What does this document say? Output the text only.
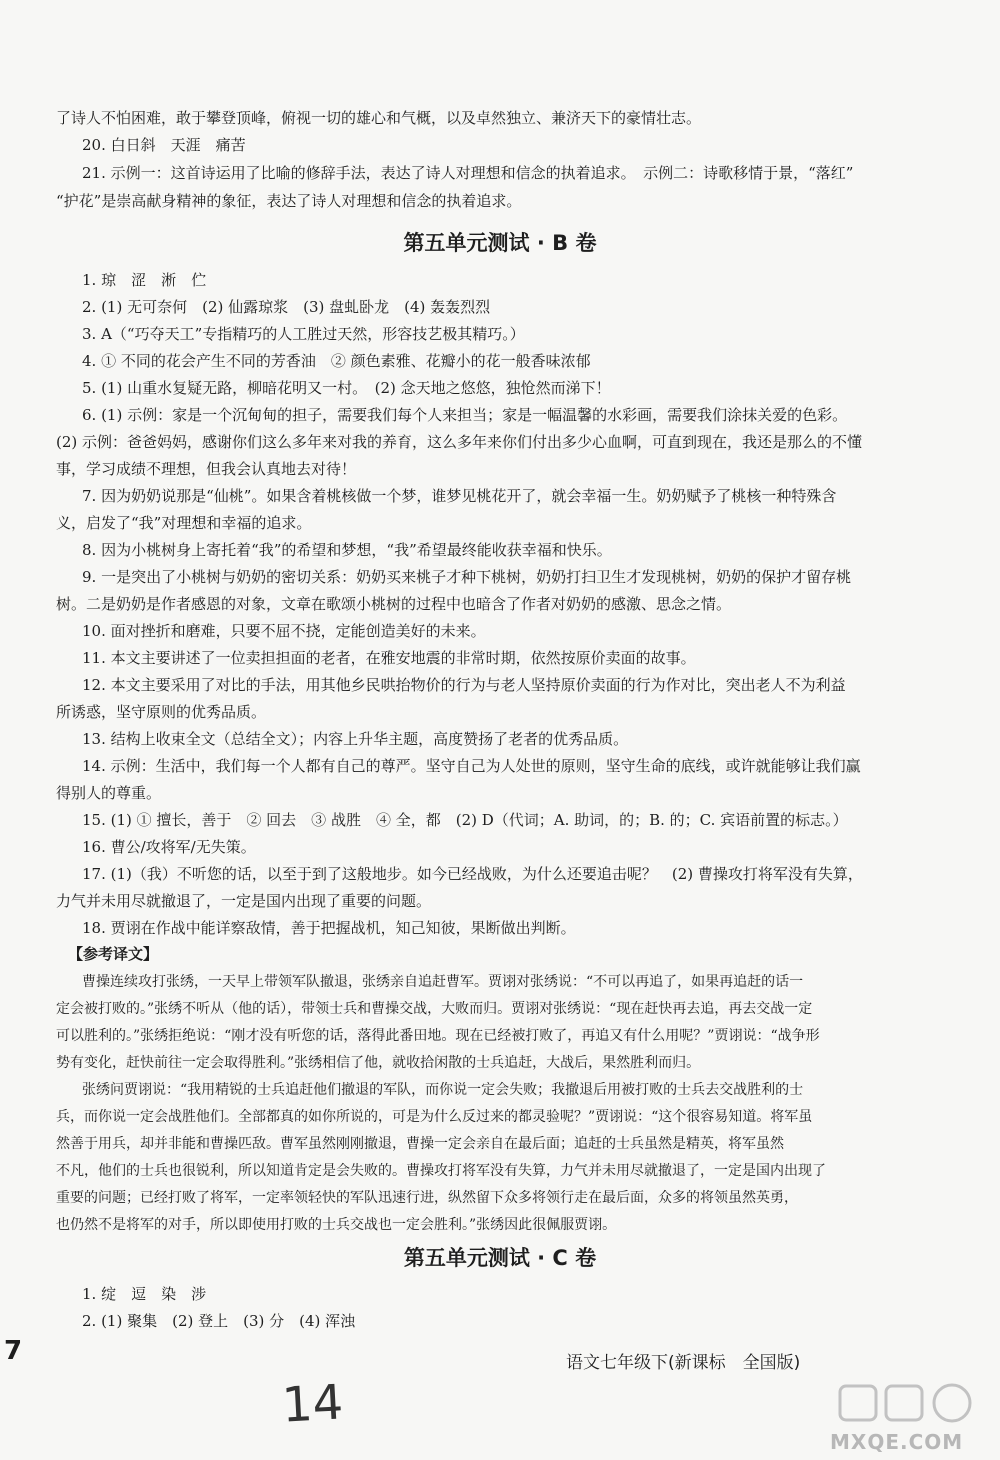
了诗人不怕困难，敢于攀登顶峰，俯视一切的雄心和气概，以及卓然独立、兼济天下的豪情壮志。
20. 白日斜　天涯　痛苦
21. 示例一：这首诗运用了比喻的修辞手法，表达了诗人对理想和信念的执着追求。　示例二：诗歌移情于景，“落红”
“护花”是崇高献身精神的象征，表达了诗人对理想和信念的执着追求。
第五单元测试 · B 卷
1. 琼　涩　淅　伫
2. (1) 无可奈何　(2) 仙露琼浆　(3) 盘虬卧龙　(4) 轰轰烈烈
3. A（“巧夺天工”专指精巧的人工胜过天然，形容技艺极其精巧。）
4. ① 不同的花会产生不同的芳香油　② 颜色素雅、花瓣小的花一般香味浓郁
5. (1) 山重水复疑无路，柳暗花明又一村。　(2) 念天地之悠悠，独怆然而涕下！
6. (1) 示例：家是一个沉甸甸的担子，需要我们每个人来担当；家是一幅温馨的水彩画，需要我们涂抹关爱的色彩。
(2) 示例：爸爸妈妈，感谢你们这么多年来对我的养育，这么多年来你们付出多少心血啊，可直到现在，我还是那么的不懂
事，学习成绩不理想，但我会认真地去对待！
7. 因为奶奶说那是“仙桃”。如果含着桃核做一个梦，谁梦见桃花开了，就会幸福一生。奶奶赋予了桃核一种特殊含
义，启发了“我”对理想和幸福的追求。
8. 因为小桃树身上寄托着“我”的希望和梦想，“我”希望最终能收获幸福和快乐。
9. 一是突出了小桃树与奶奶的密切关系：奶奶买来桃子才种下桃树，奶奶打扫卫生才发现桃树，奶奶的保护才留存桃
树。二是奶奶是作者感恩的对象，文章在歌颂小桃树的过程中也暗含了作者对奶奶的感激、思念之情。
10. 面对挫折和磨难，只要不屈不挠，定能创造美好的未来。
11. 本文主要讲述了一位卖担担面的老者，在雅安地震的非常时期，依然按原价卖面的故事。
12. 本文主要采用了对比的手法，用其他乡民哄抬物价的行为与老人坚持原价卖面的行为作对比，突出老人不为利益
所诱惑，坚守原则的优秀品质。
13. 结构上收束全文（总结全文）；内容上升华主题，高度赞扬了老者的优秀品质。
14. 示例：生活中，我们每一个人都有自己的尊严。坚守自己为人处世的原则，坚守生命的底线，或许就能够让我们赢
得别人的尊重。
15. (1) ① 擅长，善于　② 回去　③ 战胜　④ 全，都　(2) D（代词；A. 助词，的；B. 的；C. 宾语前置的标志。）
16. 曹公/攻将军/无失策。
17. (1)（我）不听您的话，以至于到了这般地步。如今已经战败，为什么还要追击呢？　(2) 曹操攻打将军没有失算，
力气并未用尽就撤退了，一定是国内出现了重要的问题。
18. 贾诩在作战中能详察敌情，善于把握战机，知己知彼，果断做出判断。
【参考译文】
曹操连续攻打张绣，一天早上带领军队撤退，张绣亲自追赶曹军。贾诩对张绣说：“不可以再追了，如果再追赶的话一
定会被打败的。”张绣不听从（他的话），带领士兵和曹操交战，大败而归。贾诩对张绣说：“现在赶快再去追，再去交战一定
可以胜利的。”张绣拒绝说：“刚才没有听您的话，落得此番田地。现在已经被打败了，再追又有什么用呢？”贾诩说：“战争形
势有变化，赶快前往一定会取得胜利。”张绣相信了他，就收拾闲散的士兵追赶，大战后，果然胜利而归。
张绣问贾诩说：“我用精锐的士兵追赶他们撤退的军队，而你说一定会失败；我撤退后用被打败的士兵去交战胜利的士
兵，而你说一定会战胜他们。全部都真的如你所说的，可是为什么反过来的都灵验呢？”贾诩说：“这个很容易知道。将军虽
然善于用兵，却并非能和曹操匹敌。曹军虽然刚刚撤退，曹操一定会亲自在最后面；追赶的士兵虽然是精英，将军虽然
不凡，他们的士兵也很锐利，所以知道肯定是会失败的。曹操攻打将军没有失算，力气并未用尽就撤退了，一定是国内出现了
重要的问题；已经打败了将军，一定率领轻快的军队迅速行进，纵然留下众多将领行走在最后面，众多的将领虽然英勇，
也仍然不是将军的对手，所以即使用打败的士兵交战也一定会胜利。”张绣因此很佩服贾诩。
第五单元测试 · C 卷
1. 绽　逗　染　涉
2. (1) 聚集　(2) 登上　(3) 分　(4) 浑浊
7	语文七年级下(新课标　全国版)
14
MXQE.COM
